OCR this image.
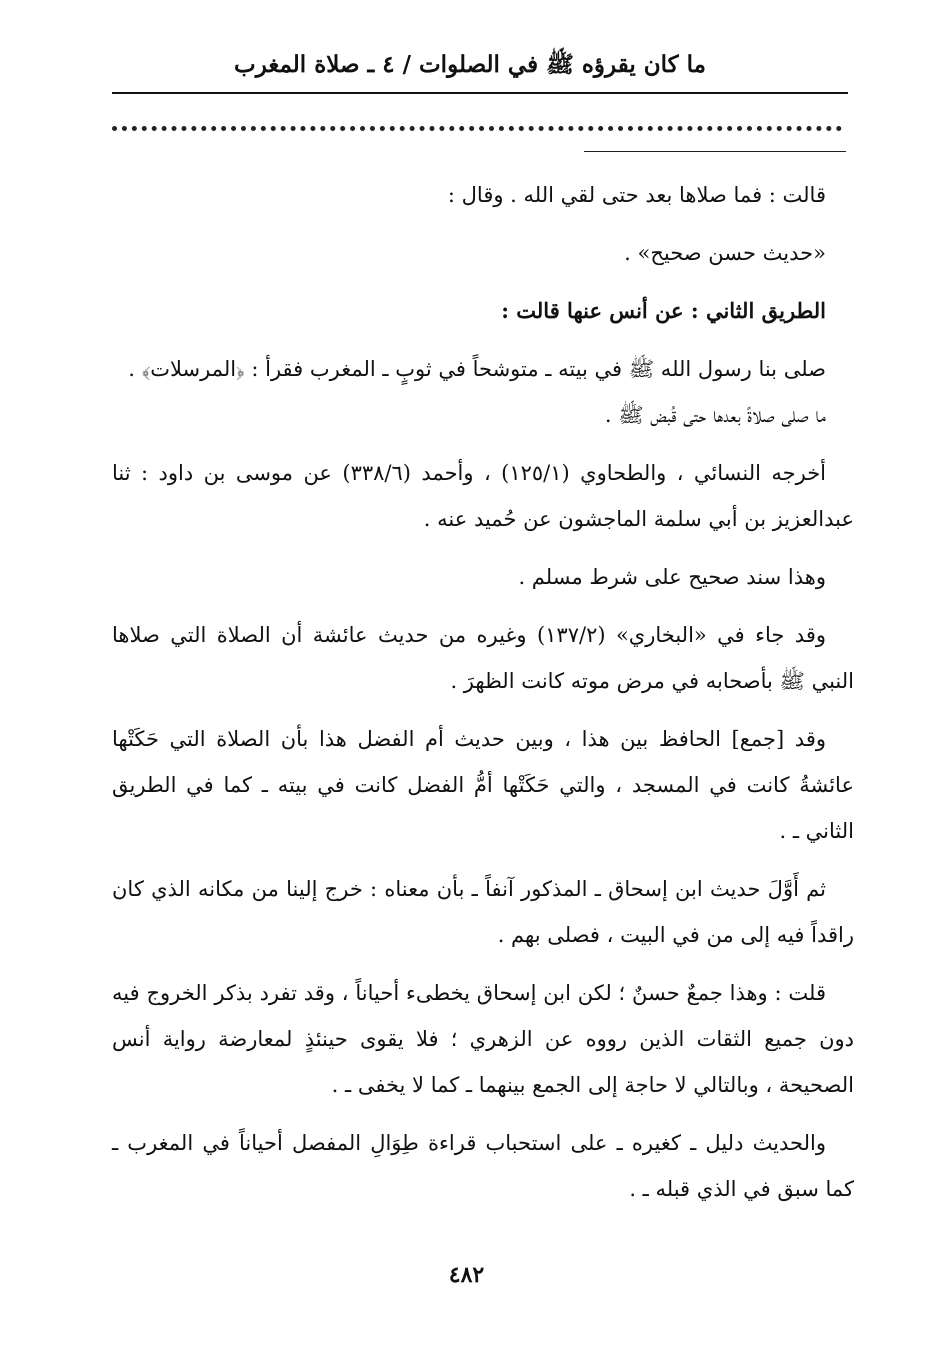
ما كان يقرؤه ﷺ في الصلوات / ٤ ـ صلاة المغرب

قالت : فما صلاها بعد حتى لقي الله . وقال :

«حديث حسن صحيح» .

الطريق الثاني : عن أنس عنها قالت :

صلى بنا رسول الله ﷺ في بيته ـ متوشحاً في ثوبٍ ـ المغرب فقرأ : ﴿المرسلات﴾ .

ما صلى صلاةً بعدها حتى قُبض ﷺ .

أخرجه النسائي ، والطحاوي (١٢٥/١) ، وأحمد (٣٣٨/٦) عن موسى بن داود : ثنا عبدالعزيز بن أبي سلمة الماجشون عن حُميد عنه .

وهذا سند صحيح على شرط مسلم .

وقد جاء في «البخاري» (١٣٧/٢) وغيره من حديث عائشة أن الصلاة التي صلاها النبي ﷺ بأصحابه في مرض موته كانت الظهرَ .

وقد [جمع] الحافظ بين هذا ، وبين حديث أم الفضل هذا بأن الصلاة التي حَكَتْها عائشةُ كانت في المسجد ، والتي حَكَتْها أمُّ الفضل كانت في بيته ـ كما في الطريق الثاني ـ .

ثم أَوَّلَ حديث ابن إسحاق ـ المذكور آنفاً ـ بأن معناه : خرج إلينا من مكانه الذي كان راقداً فيه إلى من في البيت ، فصلى بهم .

قلت : وهذا جمعٌ حسنٌ ؛ لكن ابن إسحاق يخطىء أحياناً ، وقد تفرد بذكر الخروج فيه دون جميع الثقات الذين رووه عن الزهري ؛ فلا يقوى حينئذٍ لمعارضة رواية أنس الصحيحة ، وبالتالي لا حاجة إلى الجمع بينهما ـ كما لا يخفى ـ .

والحديث دليل ـ كغيره ـ على استحباب قراءة طِوَالِ المفصل أحياناً في المغرب ـ كما سبق في الذي قبله ـ .

٤٨٢
